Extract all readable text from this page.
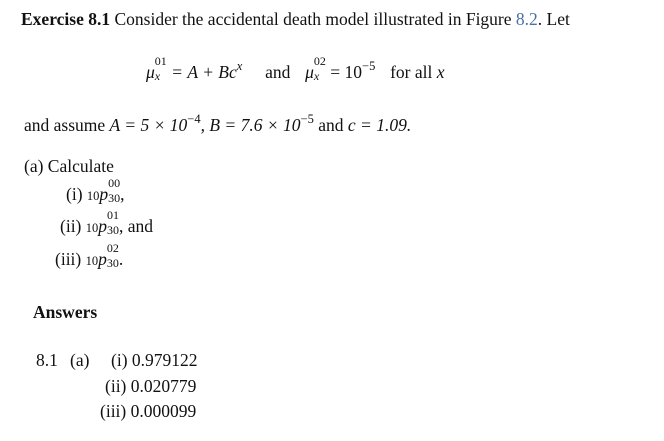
Exercise 8.1 Consider the accidental death model illustrated in Figure 8.2. Let
μ
01
$x = A + Bc^x$ and μ
02
$x = 10^{-5}$ for all x
and assume $A = 5 \times 10^{-4}$, $B = 7.6 \times 10^{-5}$ and c = 1.09.
(a) Calculate
(i) 10p
00
30 ,
(ii) 10p
01
30 , and
(iii) 10p
02
30 .
Answers
8.1 (a) (i) 0.979122
(ii) 0.020779
(iii) 0.000099
